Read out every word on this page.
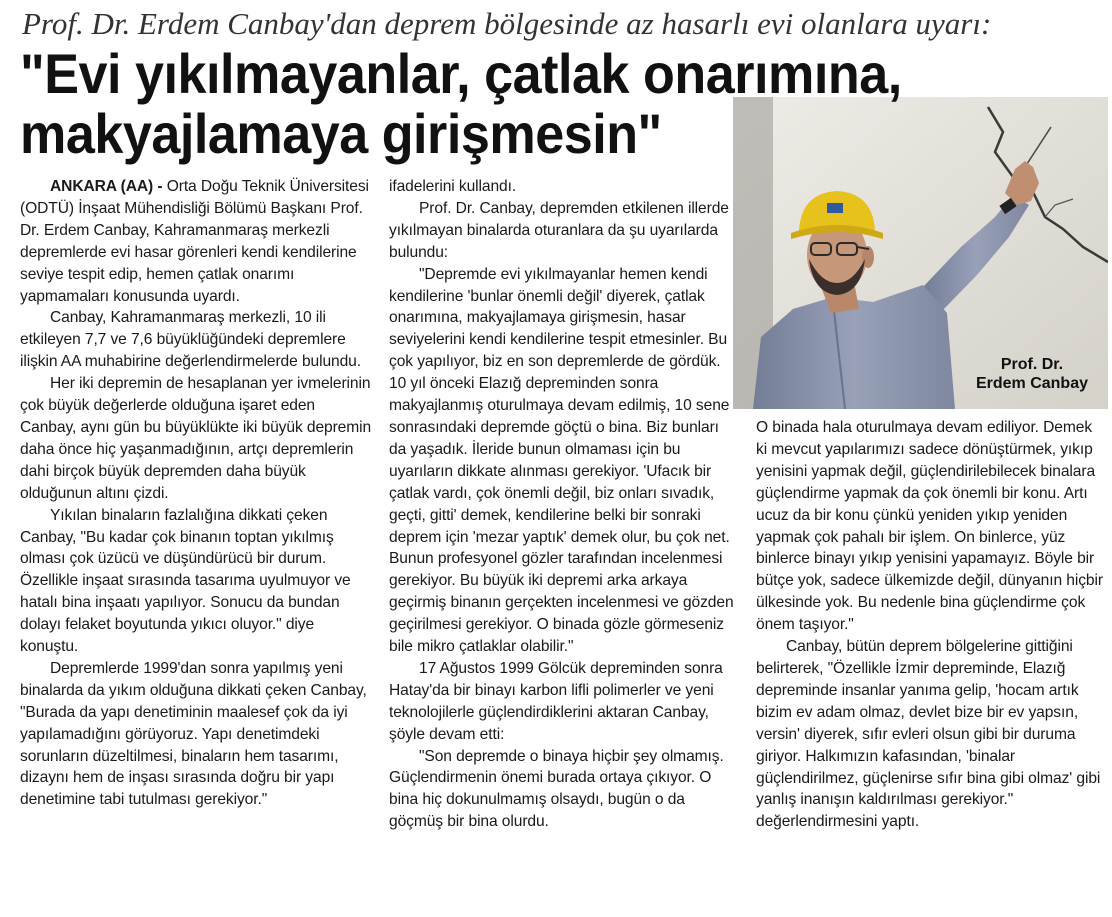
Prof. Dr. Erdem Canbay'dan deprem bölgesinde az hasarlı evi olanlara uyarı:
"Evi yıkılmayanlar, çatlak onarımına,
makyajlamaya girişmesin"

ANKARA (AA) - Orta Doğu Teknik Üniversitesi (ODTÜ) İnşaat Mühendisliği Bölümü Başkanı Prof. Dr. Erdem Canbay, Kahramanmaraş merkezli depremlerde evi hasar görenleri kendi kendilerine seviye tespit edip, hemen çatlak onarımı yapmamaları konusunda uyardı.

Canbay, Kahramanmaraş merkezli, 10 ili etkileyen 7,7 ve 7,6 büyüklüğündeki depremlere ilişkin AA muhabirine değerlendirmelerde bulundu.

Her iki depremin de hesaplanan yer ivmelerinin çok büyük değerlerde olduğuna işaret eden Canbay, aynı gün bu büyüklükte iki büyük depremin daha önce hiç yaşanmadığının, artçı depremlerin dahi birçok büyük depremden daha büyük olduğunun altını çizdi.

Yıkılan binaların fazlalığına dikkati çeken Canbay, "Bu kadar çok binanın toptan yıkılmış olması çok üzücü ve düşündürücü bir durum. Özellikle inşaat sırasında tasarıma uyulmuyor ve hatalı bina inşaatı yapılıyor. Sonucu da bundan dolayı felaket boyutunda yıkıcı oluyor." diye konuştu.

Depremlerde 1999'dan sonra yapılmış yeni binalarda da yıkım olduğuna dikkati çeken Canbay, "Burada da yapı denetiminin maalesef çok da iyi yapılamadığını görüyoruz. Yapı denetimdeki sorunların düzeltilmesi, binaların hem tasarımı, dizaynı hem de inşası sırasında doğru bir yapı denetimine tabi tutulması gerekiyor."

ifadelerini kullandı.

Prof. Dr. Canbay, depremden etkilenen illerde yıkılmayan binalarda oturanlara da şu uyarılarda bulundu:

"Depremde evi yıkılmayanlar hemen kendi kendilerine 'bunlar önemli değil' diyerek, çatlak onarımına, makyajlamaya girişmesin, hasar seviyelerini kendi kendilerine tespit etmesinler. Bu çok yapılıyor, biz en son depremlerde de gördük. 10 yıl önceki Elazığ depreminden sonra makyajlanmış oturulmaya devam edilmiş, 10 sene sonrasındaki depremde göçtü o bina. Biz bunları da yaşadık. İleride bunun olmaması için bu uyarıların dikkate alınması gerekiyor. 'Ufacık bir çatlak vardı, çok önemli değil, biz onları sıvadık, geçti, gitti' demek, kendilerine belki bir sonraki deprem için 'mezar yaptık' demek olur, bu çok net. Bunun profesyonel gözler tarafından incelenmesi gerekiyor. Bu büyük iki depremi arka arkaya geçirmiş binanın gerçekten incelenmesi ve gözden geçirilmesi gerekiyor. O binada gözle görmeseniz bile mikro çatlaklar olabilir."

17 Ağustos 1999 Gölcük depreminden sonra Hatay'da bir binayı karbon lifli polimerler ve yeni teknolojilerle güçlendirdiklerini aktaran Canbay, şöyle devam etti:

"Son depremde o binaya hiçbir şey olmamış. Güçlendirmenin önemi burada ortaya çıkıyor. O bina hiç dokunulmamış olsaydı, bugün o da göçmüş bir bina olurdu.

Prof. Dr.
Erdem Canbay

O binada hala oturulmaya devam ediliyor. Demek ki mevcut yapılarımızı sadece dönüştürmek, yıkıp yenisini yapmak değil, güçlendirilebilecek binalara güçlendirme yapmak da çok önemli bir konu. Artı ucuz da bir konu çünkü yeniden yıkıp yeniden yapmak çok pahalı bir işlem. On binlerce, yüz binlerce binayı yıkıp yenisini yapamayız. Böyle bir bütçe yok, sadece ülkemizde değil, dünyanın hiçbir ülkesinde yok. Bu nedenle bina güçlendirme çok önem taşıyor."

Canbay, bütün deprem bölgelerine gittiğini belirterek, "Özellikle İzmir depreminde, Elazığ depreminde insanlar yanıma gelip, 'hocam artık bizim ev adam olmaz, devlet bize bir ev yapsın, versin' diyerek, sıfır evleri olsun gibi bir duruma giriyor. Halkımızın kafasından, 'binalar güçlendirilmez, güçlenirse sıfır bina gibi olmaz' gibi yanlış inanışın kaldırılması gerekiyor." değerlendirmesini yaptı.
